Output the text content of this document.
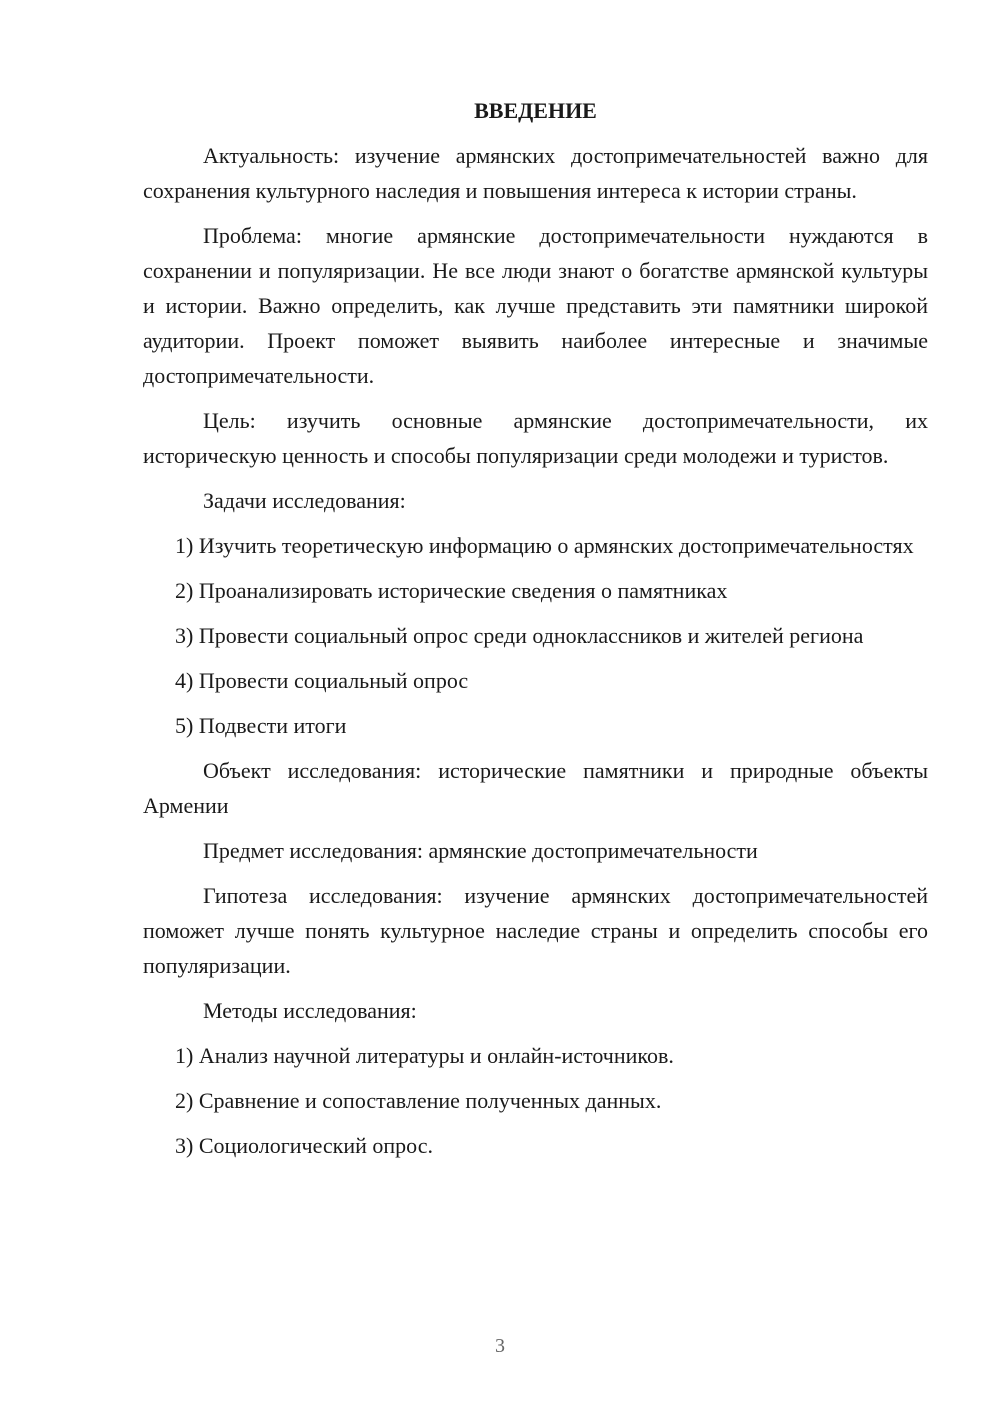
ВВЕДЕНИЕ

Актуальность: изучение армянских достопримечательностей важно для сохранения культурного наследия и повышения интереса к истории страны.

Проблема: многие армянские достопримечательности нуждаются в сохранении и популяризации. Не все люди знают о богатстве армянской культуры и истории. Важно определить, как лучше представить эти памятники широкой аудитории. Проект поможет выявить наиболее интересные и значимые достопримечательности.

Цель: изучить основные армянские достопримечательности, их историческую ценность и способы популяризации среди молодежи и туристов.

Задачи исследования:

1) Изучить теоретическую информацию о армянских достопримечательностях

2) Проанализировать исторические сведения о памятниках

3) Провести социальный опрос среди одноклассников и жителей региона

4) Провести социальный опрос

5) Подвести итоги

Объект исследования: исторические памятники и природные объекты Армении

Предмет исследования: армянские достопримечательности

Гипотеза исследования: изучение армянских достопримечательностей поможет лучше понять культурное наследие страны и определить способы его популяризации.

Методы исследования:

1) Анализ научной литературы и онлайн-источников.

2) Сравнение и сопоставление полученных данных.

3) Социологический опрос.

3
